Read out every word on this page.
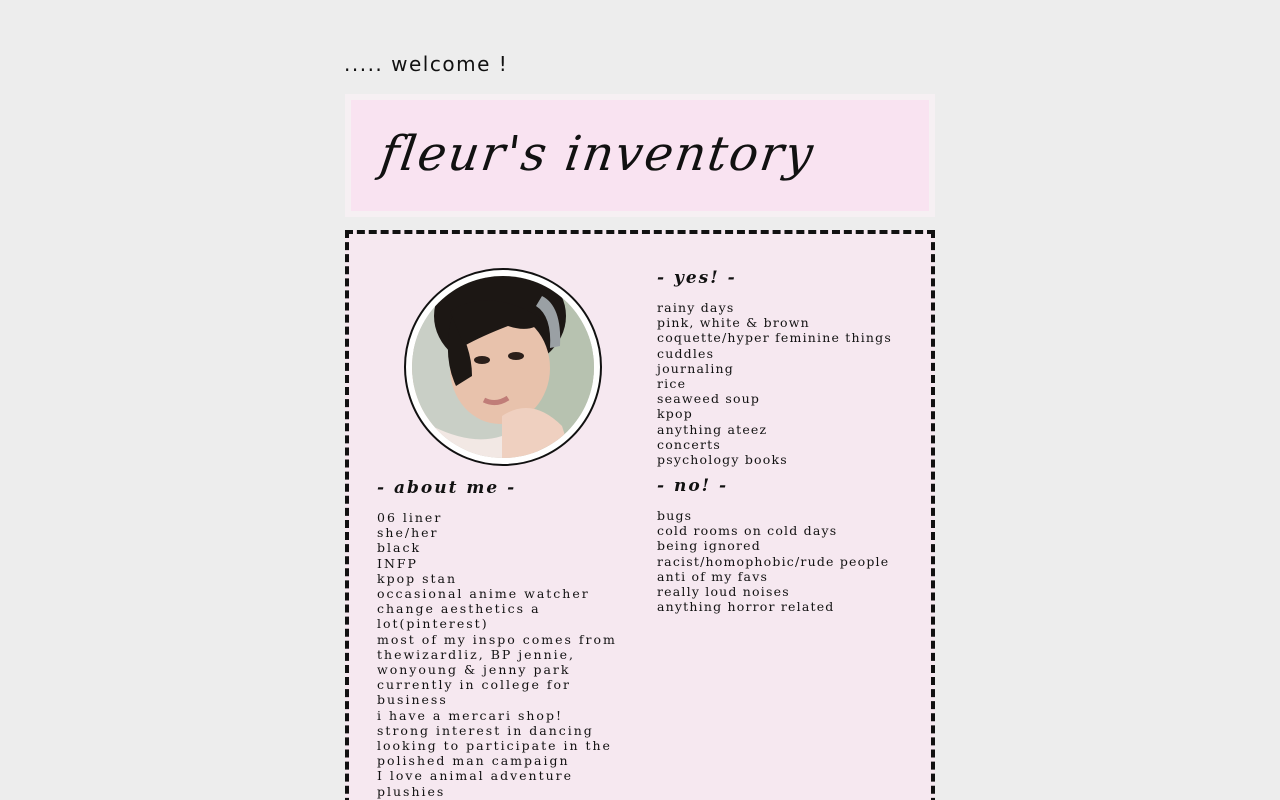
..... welcome !
fleur's inventory
- about me -
06 liner
she/her
black
INFP
kpop stan
occasional anime watcher
change aesthetics a lot(pinterest)
most of my inspo comes from thewizardliz, BP jennie, wonyoung & jenny park
currently in college for business
i have a mercari shop!
strong interest in dancing
looking to participate in the polished man campaign
I love animal adventure plushies
- yes! -
rainy days
pink, white & brown
coquette/hyper feminine things
cuddles
journaling
rice
seaweed soup
kpop
anything ateez
concerts
psychology books
- no! -
bugs
cold rooms on cold days
being ignored
racist/homophobic/rude people
anti of my favs
really loud noises
anything horror related
